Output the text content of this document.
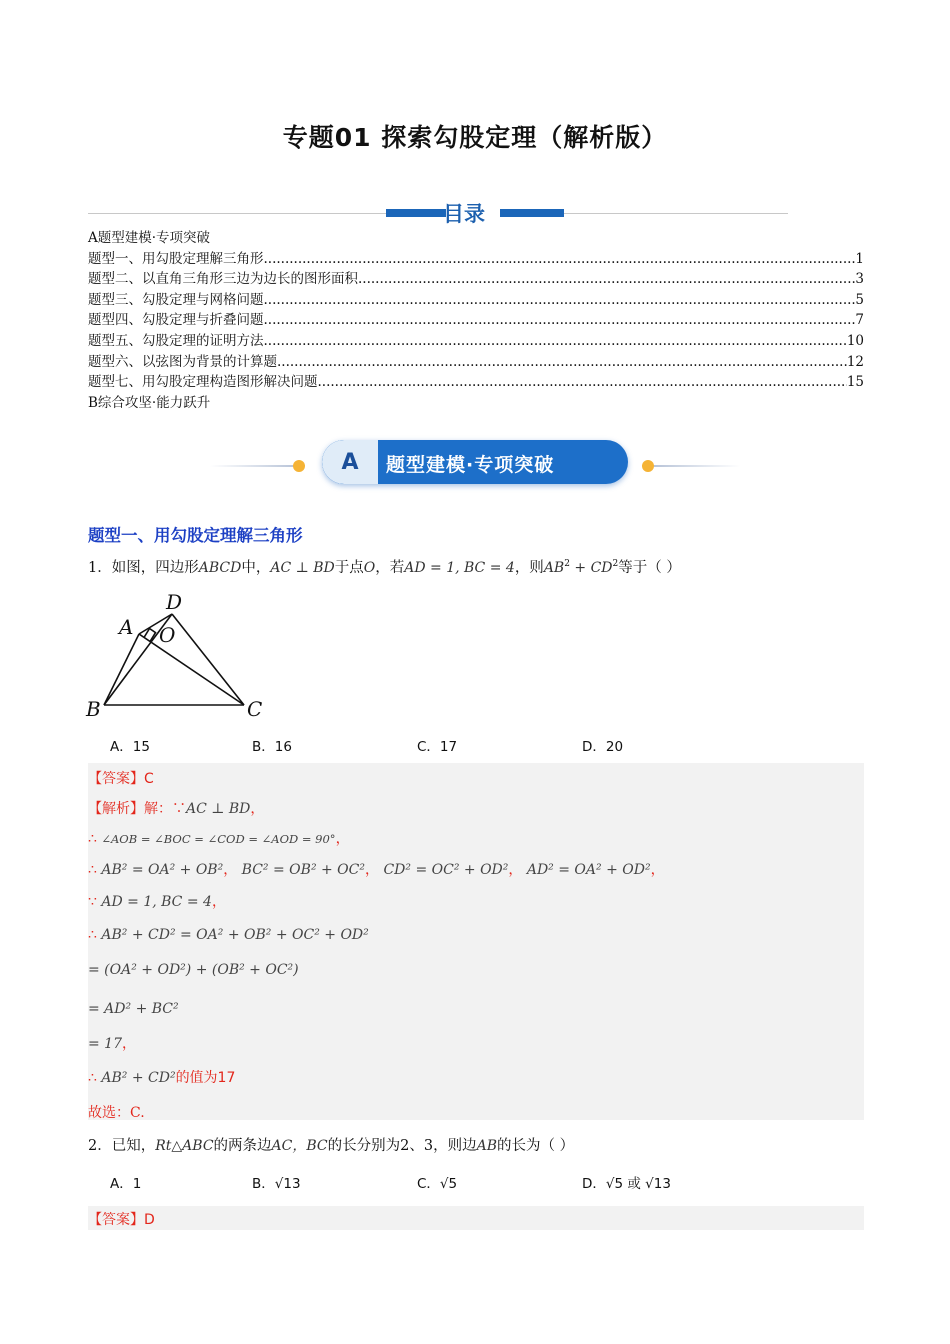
专题01 探索勾股定理（解析版）
目录
A题型建模·专项突破
题型一、用勾股定理解三角形 .....	1
题型二、以直角三角形三边为边长的图形面积 .....	3
题型三、勾股定理与网格问题 .....	5
题型四、勾股定理与折叠问题 .....	7
题型五、勾股定理的证明方法 .....	10
题型六、以弦图为背景的计算题 .....	12
题型七、用勾股定理构造图形解决问题 .....	15
B综合攻坚·能力跃升
A	题型建模·专项突破
题型一、用勾股定理解三角形
1．如图，四边形ABCD中，AC ⊥ BD于点O，若AD = 1, BC = 4，则$AB^2 + CD^2$等于（ ）
A
D
O
B	C
A．15	B．16	C．17	D．20
【答案】C
【解析】解：∵AC ⊥ BD，
∴ ∠AOB = ∠BOC = ∠COD = ∠AOD = 90°，
∴ AB² = OA² + OB²， BC² = OB² + OC²， CD² = OC² + OD²， AD² = OA² + OD²，
∵ AD = 1, BC = 4，
∴ AB² + CD² = OA² + OB² + OC² + OD²
= (OA² + OD²) + (OB² + OC²)
= AD² + BC²
= 17，
∴ AB² + CD²的值为17
故选：C.
2．已知，Rt△ABC的两条边AC，BC的长分别为2、3，则边AB的长为（ ）
A．1	B．√13	C．√5	D．√5 或 √13
【答案】D
